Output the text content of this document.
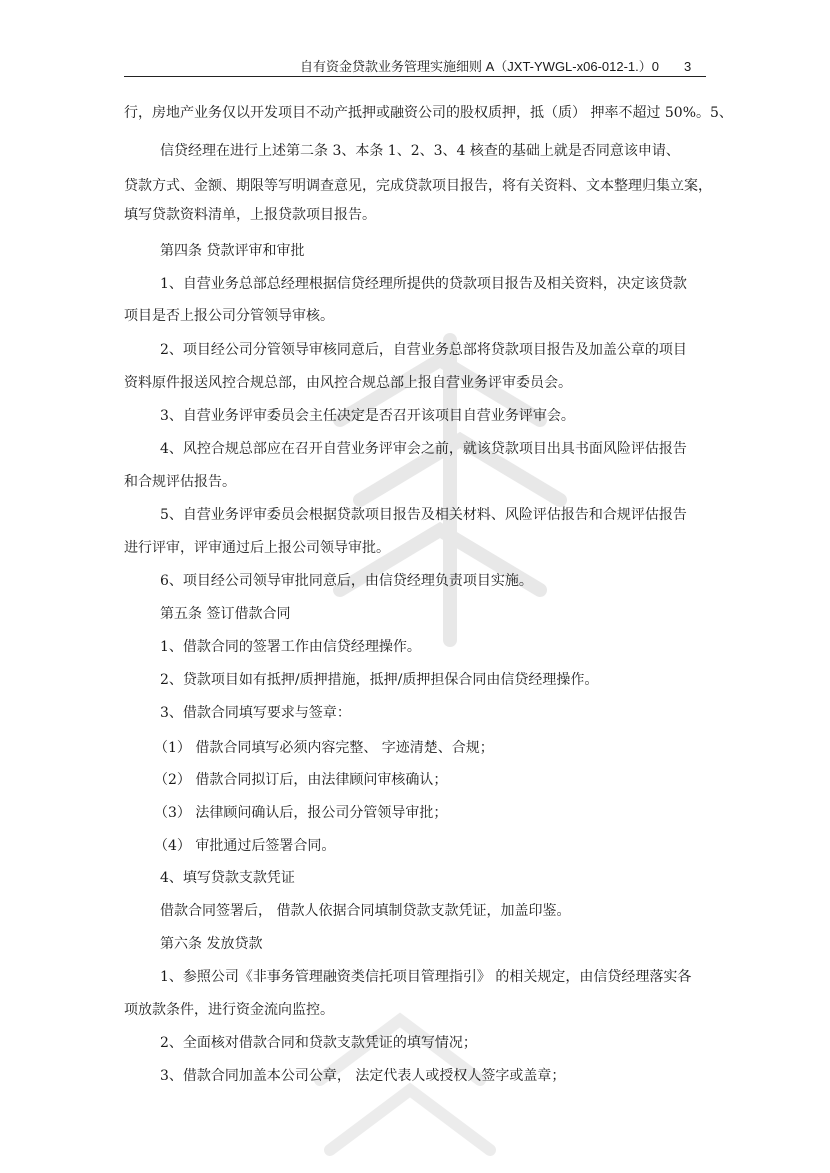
自有资金贷款业务管理实施细则 A（JXT-YWGL-x06-012-1.）0 3
行，房地产业务仅以开发项目不动产抵押或融资公司的股权质押，抵（质） 押率不超过 50%。5、
信贷经理在进行上述第二条 3、本条 1、2、3、4 核查的基础上就是否同意该申请、
贷款方式、金额、期限等写明调查意见，完成贷款项目报告，将有关资料、文本整理归集立案，
填写贷款资料清单，上报贷款项目报告。
第四条 贷款评审和审批
1、自营业务总部总经理根据信贷经理所提供的贷款项目报告及相关资料，决定该贷款
项目是否上报公司分管领导审核。
2、项目经公司分管领导审核同意后，自营业务总部将贷款项目报告及加盖公章的项目
资料原件报送风控合规总部，由风控合规总部上报自营业务评审委员会。
3、自营业务评审委员会主任决定是否召开该项目自营业务评审会。
4、风控合规总部应在召开自营业务评审会之前，就该贷款项目出具书面风险评估报告
和合规评估报告。
5、自营业务评审委员会根据贷款项目报告及相关材料、风险评估报告和合规评估报告
进行评审，评审通过后上报公司领导审批。
6、项目经公司领导审批同意后，由信贷经理负责项目实施。
第五条 签订借款合同
1、借款合同的签署工作由信贷经理操作。
2、贷款项目如有抵押/质押措施，抵押/质押担保合同由信贷经理操作。
3、借款合同填写要求与签章：
（1） 借款合同填写必须内容完整、 字迹清楚、合规；
（2） 借款合同拟订后，由法律顾问审核确认；
（3） 法律顾问确认后，报公司分管领导审批；
（4） 审批通过后签署合同。
4、填写贷款支款凭证
借款合同签署后， 借款人依据合同填制贷款支款凭证，加盖印鉴。
第六条 发放贷款
1、参照公司《非事务管理融资类信托项目管理指引》 的相关规定，由信贷经理落实各
项放款条件，进行资金流向监控。
2、全面核对借款合同和贷款支款凭证的填写情况；
3、借款合同加盖本公司公章， 法定代表人或授权人签字或盖章；
